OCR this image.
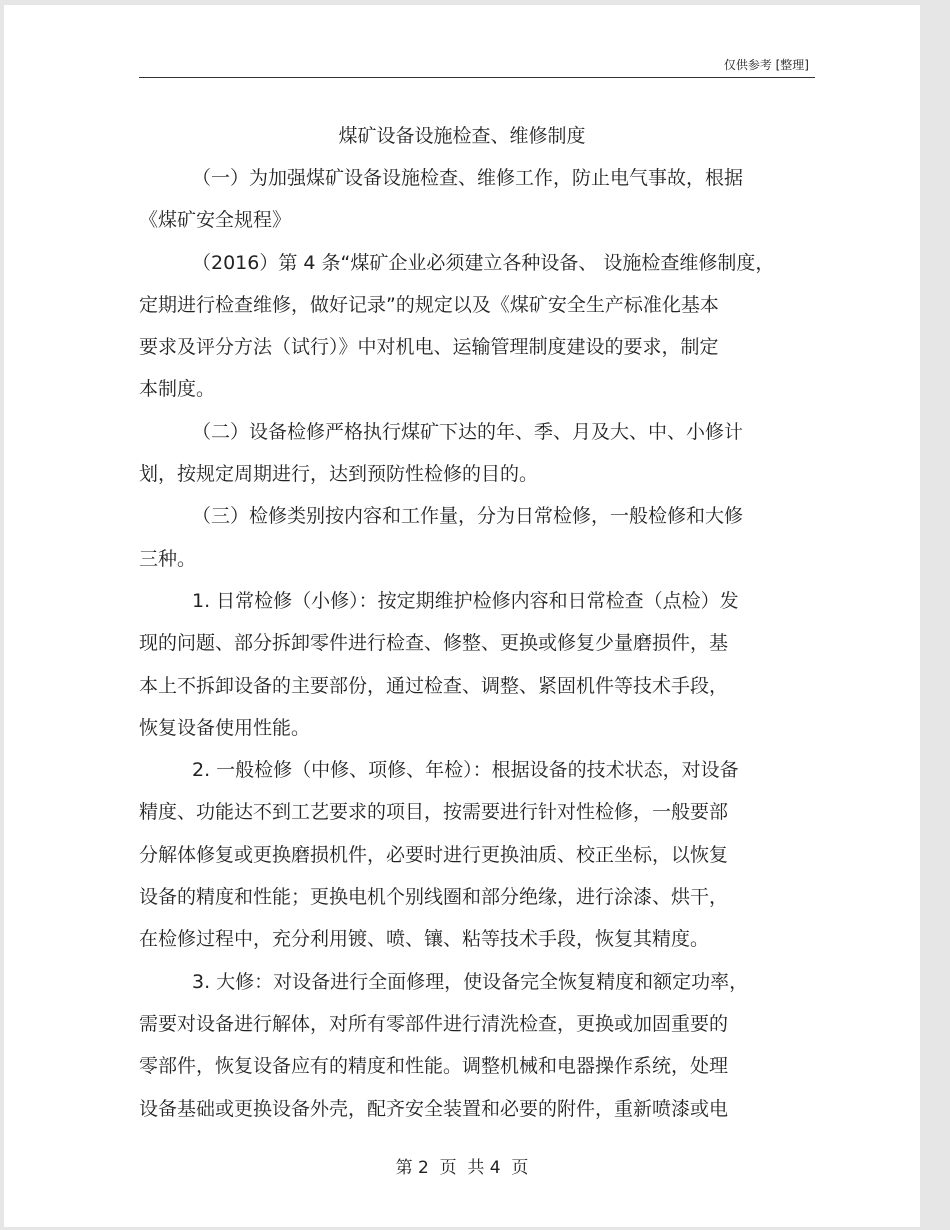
仅供参考 [整理]
煤矿设备设施检查、维修制度
（一）为加强煤矿设备设施检查、维修工作，防止电气事故，根据
《煤矿安全规程》
（2016）第 4 条“煤矿企业必须建立各种设备、 设施检查维修制度，
定期进行检查维修，做好记录”的规定以及《煤矿安全生产标准化基本
要求及评分方法（试行）》中对机电、运输管理制度建设的要求，制定
本制度。
（二）设备检修严格执行煤矿下达的年、季、月及大、中、小修计
划，按规定周期进行，达到预防性检修的目的。
（三）检修类别按内容和工作量，分为日常检修，一般检修和大修
三种。
1. 日常检修（小修）：按定期维护检修内容和日常检查（点检）发
现的问题、部分拆卸零件进行检查、修整、更换或修复少量磨损件，基
本上不拆卸设备的主要部份，通过检查、调整、紧固机件等技术手段，
恢复设备使用性能。
2. 一般检修（中修、项修、年检）：根据设备的技术状态，对设备
精度、功能达不到工艺要求的项目，按需要进行针对性检修，一般要部
分解体修复或更换磨损机件，必要时进行更换油质、校正坐标，以恢复
设备的精度和性能；更换电机个别线圈和部分绝缘，进行涂漆、烘干，
在检修过程中，充分利用镀、喷、镶、粘等技术手段，恢复其精度。
3. 大修：对设备进行全面修理，使设备完全恢复精度和额定功率，
需要对设备进行解体，对所有零部件进行清洗检查，更换或加固重要的
零部件，恢复设备应有的精度和性能。调整机械和电器操作系统，处理
设备基础或更换设备外壳，配齐安全装置和必要的附件，重新喷漆或电
第 2  页  共 4  页
